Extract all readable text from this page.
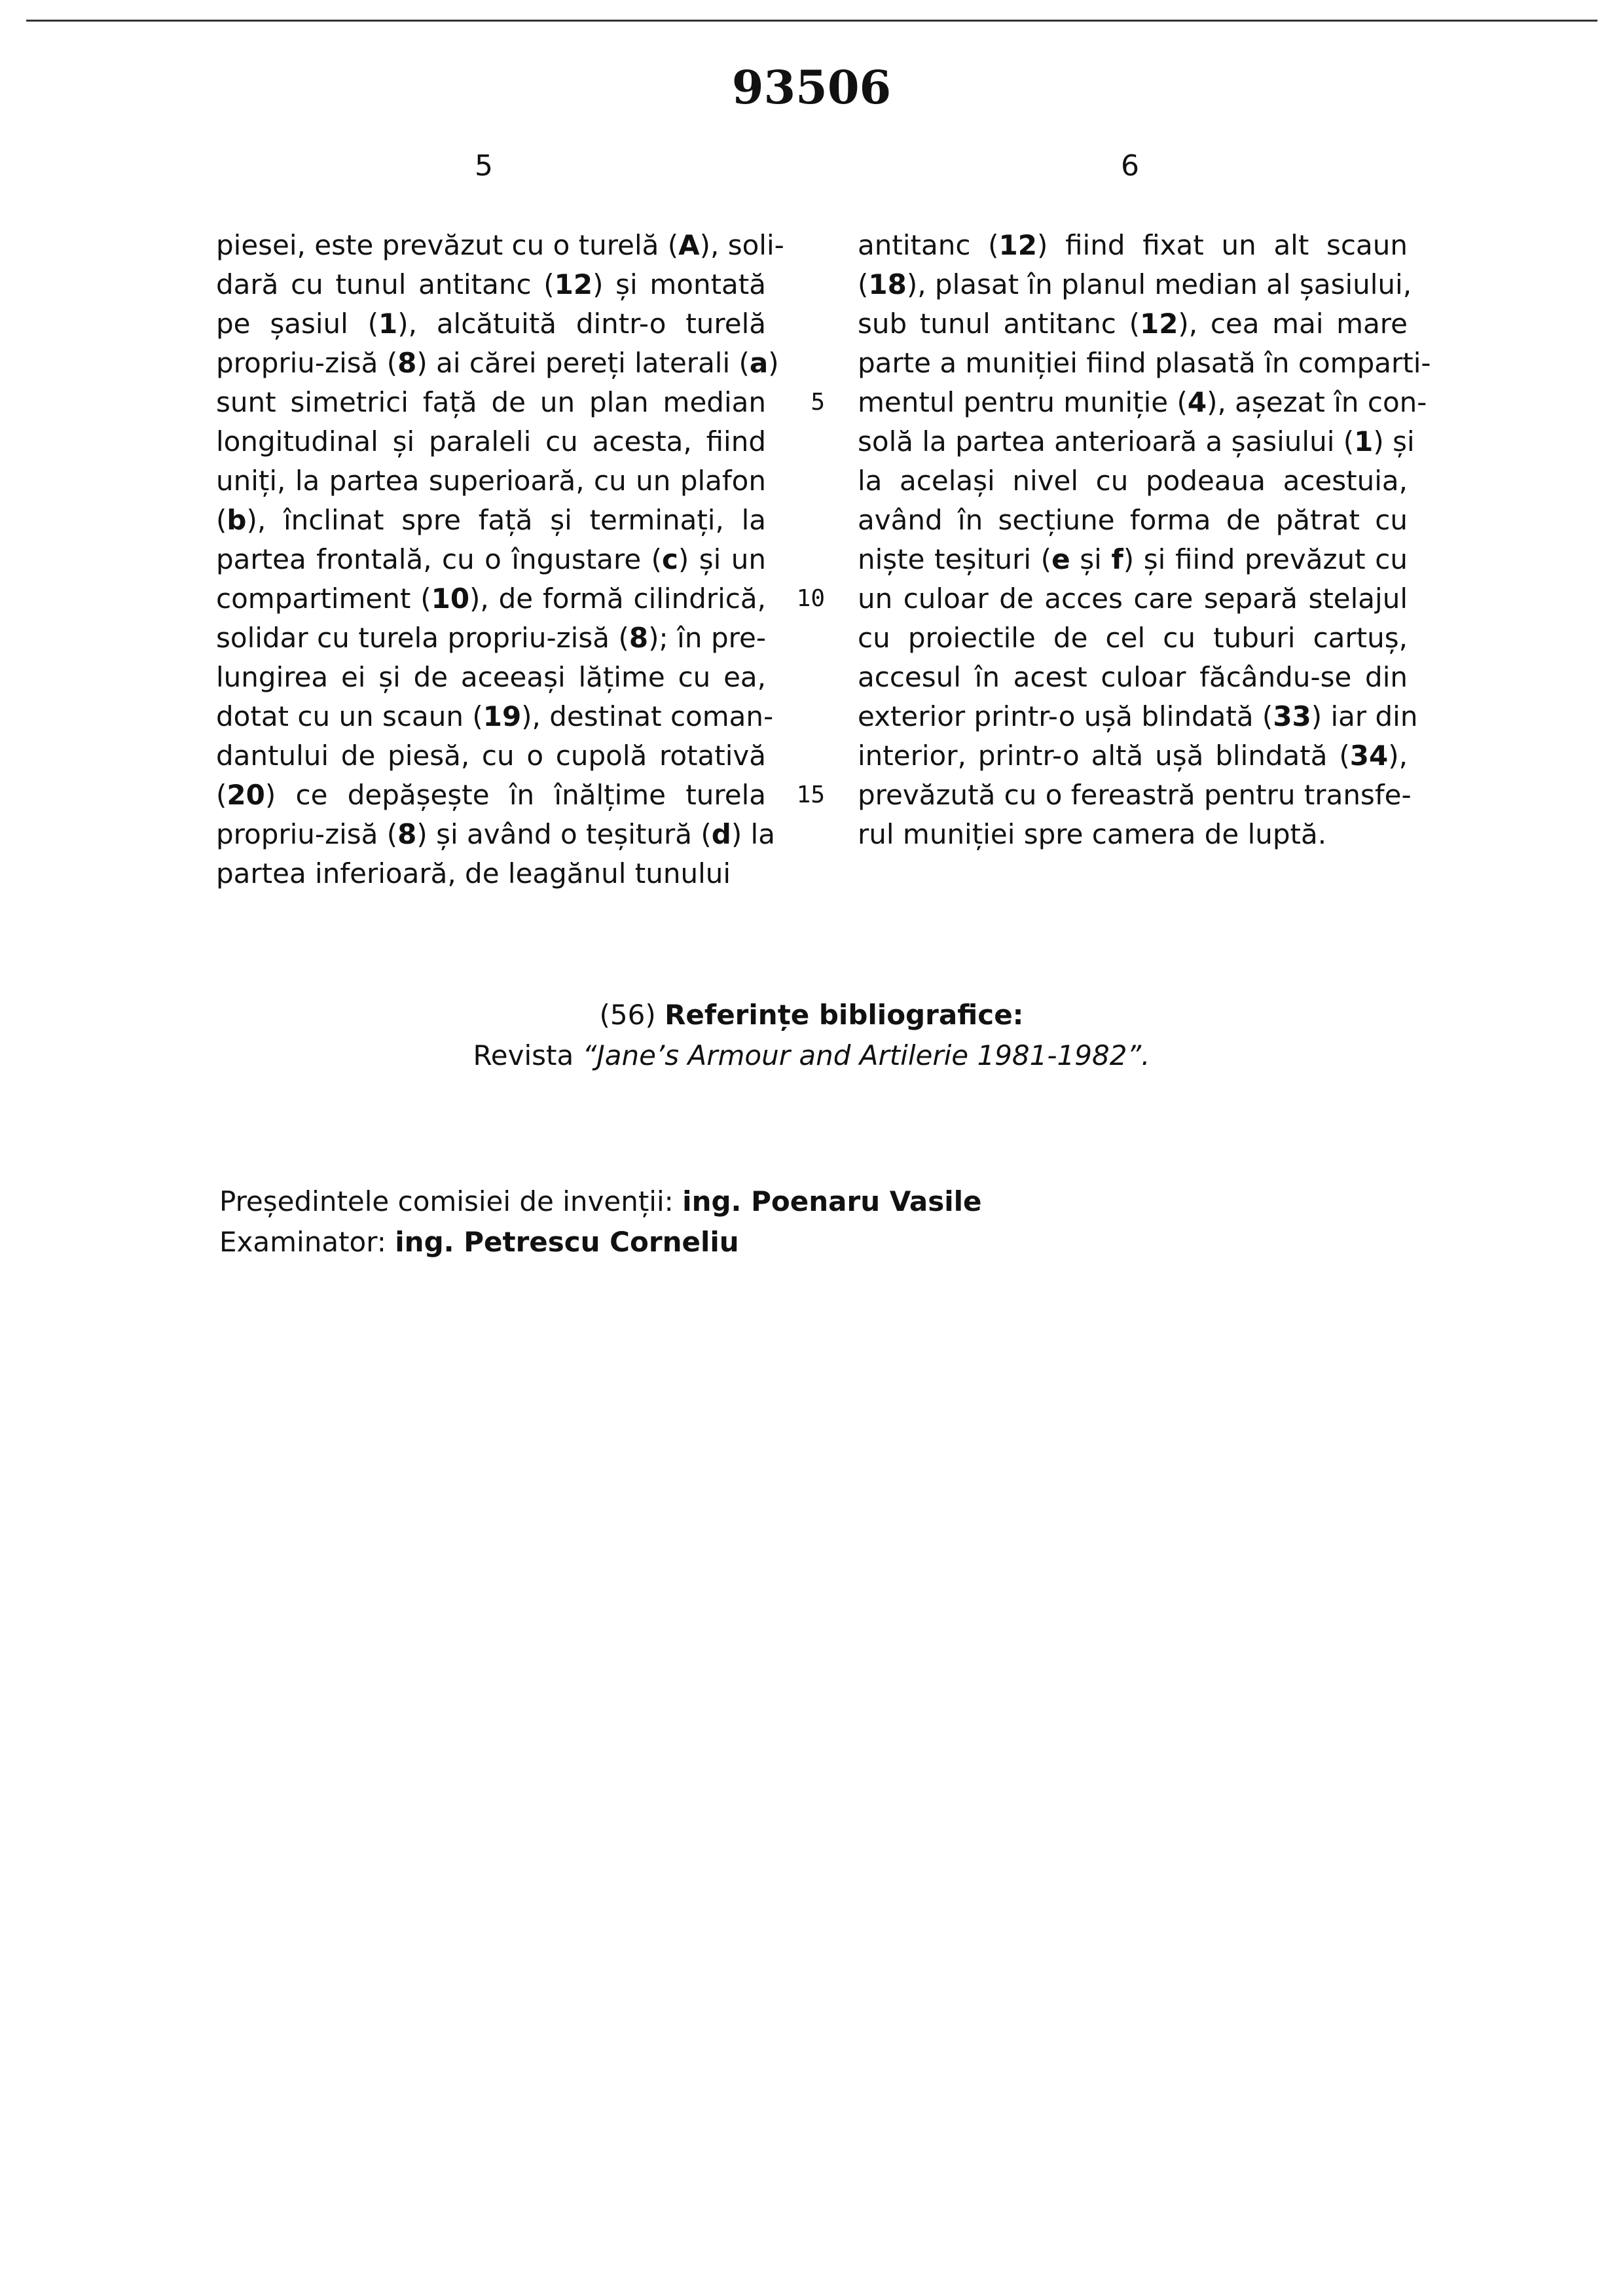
93506
5	6
piesei, este prevăzut cu o turelă (A), soli-
dară cu tunul antitanc (12) și montată
pe șasiul (1), alcătuită dintr-o turelă
propriu-zisă (8) ai cărei pereți laterali (a)
sunt simetrici față de un plan median
longitudinal și paraleli cu acesta, fiind
uniți, la partea superioară, cu un plafon
(b), înclinat spre față și terminați, la
partea frontală, cu o îngustare (c) și un
compartiment (10), de formă cilindrică,
solidar cu turela propriu-zisă (8); în pre-
lungirea ei și de aceeași lățime cu ea,
dotat cu un scaun (19), destinat coman-
dantului de piesă, cu o cupolă rotativă
(20) ce depășește în înălțime turela
propriu-zisă (8) și având o teșitură (d) la
partea inferioară, de leagănul tunului
antitanc (12) fiind fixat un alt scaun
(18), plasat în planul median al șasiului,
sub tunul antitanc (12), cea mai mare
parte a muniției fiind plasată în comparti-
mentul pentru muniție (4), așezat în con-
solă la partea anterioară a șasiului (1) și
la același nivel cu podeaua acestuia,
având în secțiune forma de pătrat cu
niște teșituri (e și f) și fiind prevăzut cu
un culoar de acces care separă stelajul
cu proiectile de cel cu tuburi cartuș,
accesul în acest culoar făcându-se din
exterior printr-o ușă blindată (33) iar din
interior, printr-o altă ușă blindată (34),
prevăzută cu o fereastră pentru transfe-
rul muniției spre camera de luptă.
5
10
15
(56) Referințe bibliografice:
Revista “Jane’s Armour and Artilerie 1981-1982”.
Președintele comisiei de invenții: ing. Poenaru Vasile
Examinator: ing. Petrescu Corneliu
